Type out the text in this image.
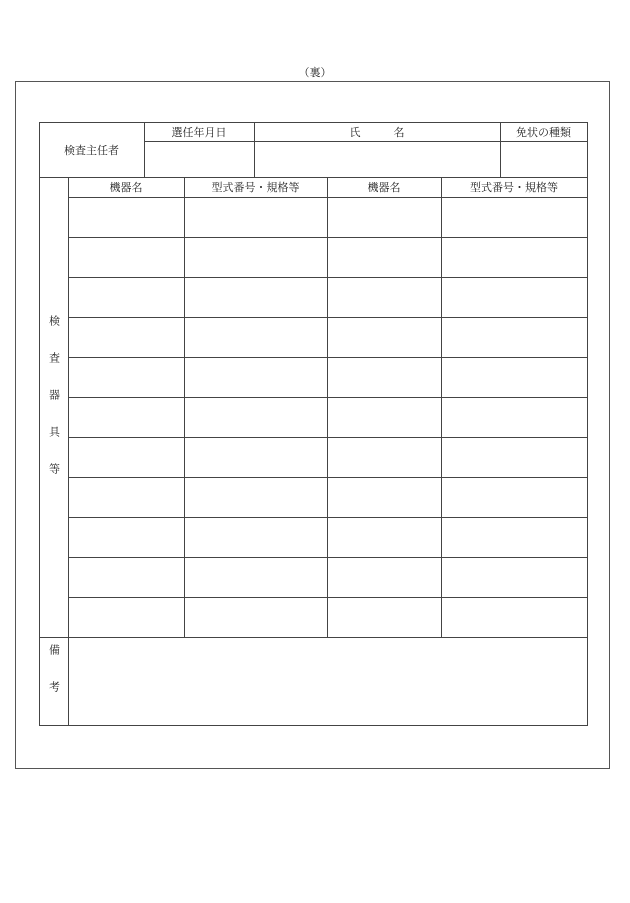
（裏）
検査主任者
選任年月日	氏　　　名	免状の種類
検査器具等
機器名	型式番号・規格等	機器名	型式番号・規格等
備考
